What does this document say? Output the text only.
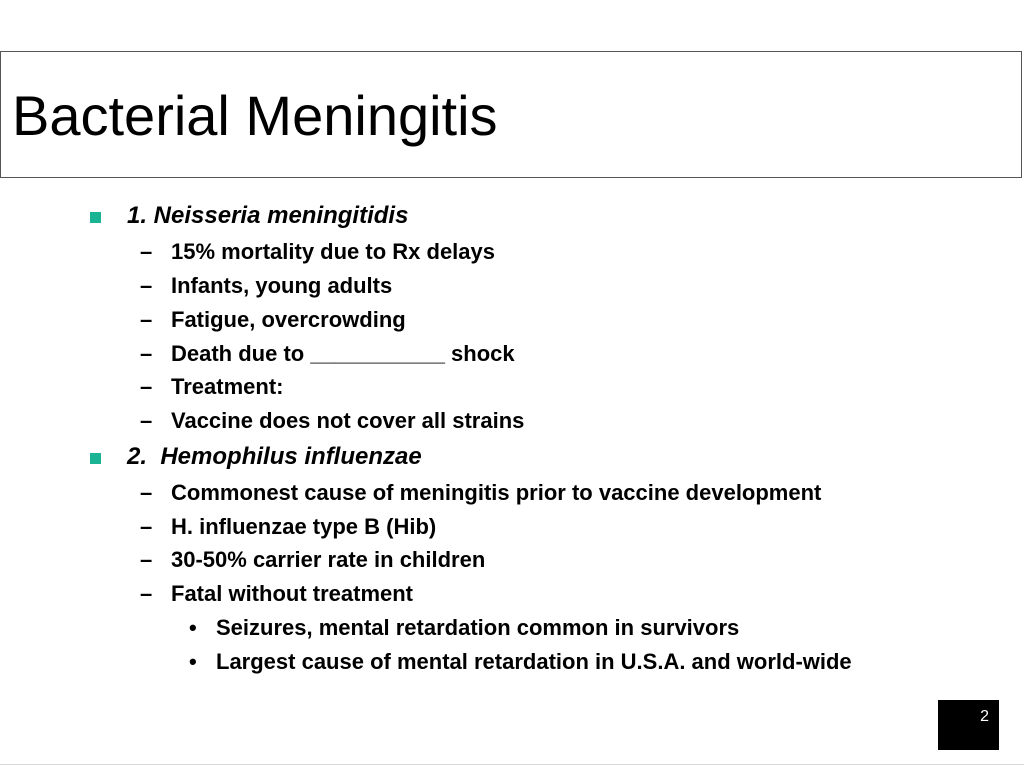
Bacterial Meningitis
1. Neisseria meningitidis
– 15% mortality due to Rx delays
– Infants, young adults
– Fatigue, overcrowding
– Death due to ___________ shock
– Treatment:
– Vaccine does not cover all strains
2.  Hemophilus influenzae
– Commonest cause of meningitis prior to vaccine development
– H. influenzae type B (Hib)
– 30-50% carrier rate in children
– Fatal without treatment
• Seizures, mental retardation common in survivors
• Largest cause of mental retardation in U.S.A. and world-wide
2
